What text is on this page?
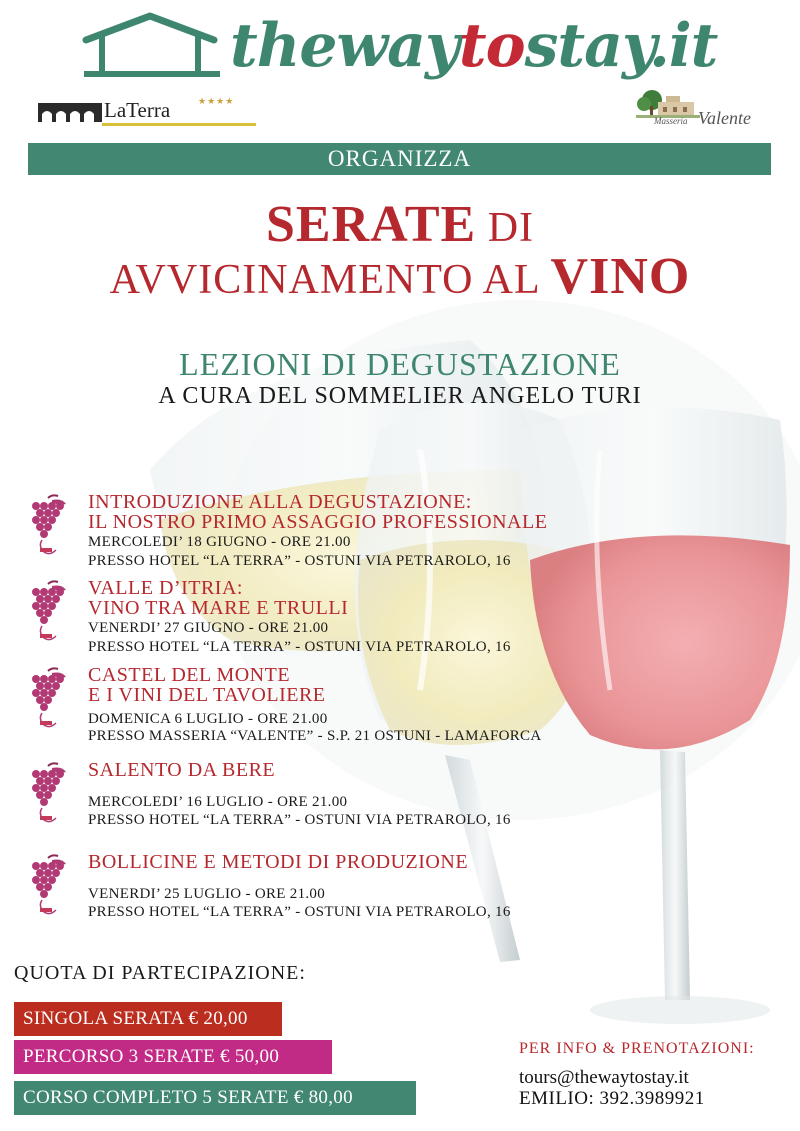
thewaytostay.it
LaTerra	★★★★
Masseria Valente
ORGANIZZA
SERATE DI
AVVICINAMENTO AL VINO
LEZIONI DI DEGUSTAZIONE
A CURA DEL SOMMELIER ANGELO TURI
INTRODUZIONE ALLA DEGUSTAZIONE:
IL NOSTRO PRIMO ASSAGGIO PROFESSIONALE
MERCOLEDI’ 18 GIUGNO - ORE 21.00
PRESSO HOTEL “LA TERRA” - OSTUNI VIA PETRAROLO, 16
VALLE D’ITRIA:
VINO TRA MARE E TRULLI
VENERDI’ 27 GIUGNO - ORE 21.00
PRESSO HOTEL “LA TERRA” - OSTUNI VIA PETRAROLO, 16
CASTEL DEL MONTE
E I VINI DEL TAVOLIERE
DOMENICA 6 LUGLIO - ORE 21.00
PRESSO MASSERIA “VALENTE” - S.P. 21 OSTUNI - LAMAFORCA
SALENTO DA BERE
MERCOLEDI’ 16 LUGLIO - ORE 21.00
PRESSO HOTEL “LA TERRA” - OSTUNI VIA PETRAROLO, 16
BOLLICINE E METODI DI PRODUZIONE
VENERDI’ 25 LUGLIO - ORE 21.00
PRESSO HOTEL “LA TERRA” - OSTUNI VIA PETRAROLO, 16
QUOTA DI PARTECIPAZIONE:
SINGOLA SERATA € 20,00
PERCORSO 3 SERATE € 50,00
CORSO COMPLETO 5 SERATE € 80,00
PER INFO & PRENOTAZIONI:
tours@thewaytostay.it
EMILIO: 392.3989921
